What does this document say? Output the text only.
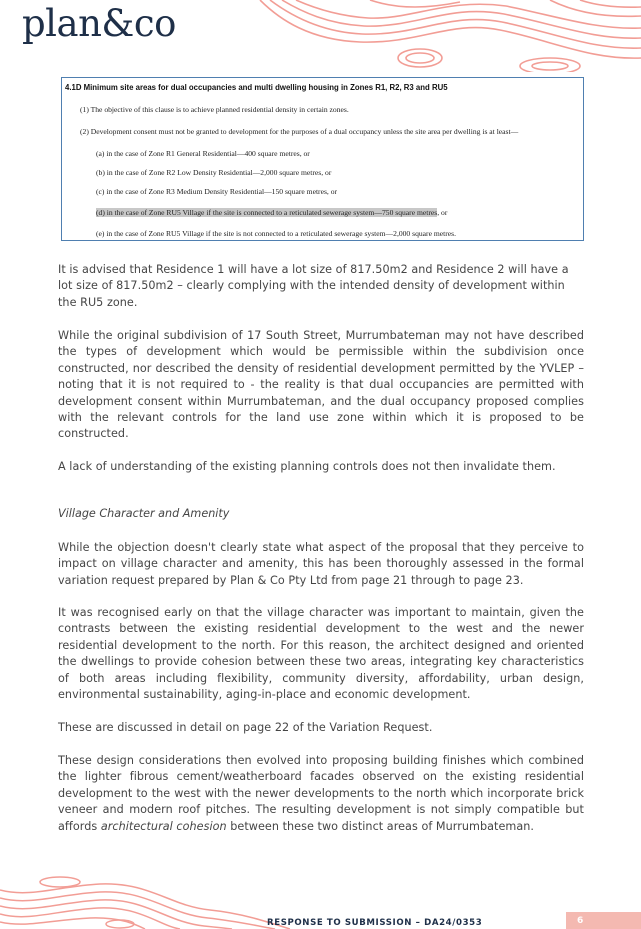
plan&co
4.1D Minimum site areas for dual occupancies and multi dwelling housing in Zones R1, R2, R3 and RU5
(1) The objective of this clause is to achieve planned residential density in certain zones.
(2) Development consent must not be granted to development for the purposes of a dual occupancy unless the site area per dwelling is at least—
(a) in the case of Zone R1 General Residential—400 square metres, or
(b) in the case of Zone R2 Low Density Residential—2,000 square metres, or
(c) in the case of Zone R3 Medium Density Residential—150 square metres, or
(d) in the case of Zone RU5 Village if the site is connected to a reticulated sewerage system—750 square metres, or
(e) in the case of Zone RU5 Village if the site is not connected to a reticulated sewerage system—2,000 square metres.

It is advised that Residence 1 will have a lot size of 817.50m2 and Residence 2 will have a lot size of 817.50m2 – clearly complying with the intended density of development within the RU5 zone.

While the original subdivision of 17 South Street, Murrumbateman may not have described the types of development which would be permissible within the subdivision once constructed, nor described the density of residential development permitted by the YVLEP – noting that it is not required to - the reality is that dual occupancies are permitted with development consent within Murrumbateman, and the dual occupancy proposed complies with the relevant controls for the land use zone within which it is proposed to be constructed.

A lack of understanding of the existing planning controls does not then invalidate them.

Village Character and Amenity

While the objection doesn't clearly state what aspect of the proposal that they perceive to impact on village character and amenity, this has been thoroughly assessed in the formal variation request prepared by Plan & Co Pty Ltd from page 21 through to page 23.

It was recognised early on that the village character was important to maintain, given the contrasts between the existing residential development to the west and the newer residential development to the north. For this reason, the architect designed and oriented the dwellings to provide cohesion between these two areas, integrating key characteristics of both areas including flexibility, community diversity, affordability, urban design, environmental sustainability, aging-in-place and economic development.

These are discussed in detail on page 22 of the Variation Request.

These design considerations then evolved into proposing building finishes which combined the lighter fibrous cement/weatherboard facades observed on the existing residential development to the west with the newer developments to the north which incorporate brick veneer and modern roof pitches. The resulting development is not simply compatible but affords architectural cohesion between these two distinct areas of Murrumbateman.

RESPONSE TO SUBMISSION – DA24/0353	6
